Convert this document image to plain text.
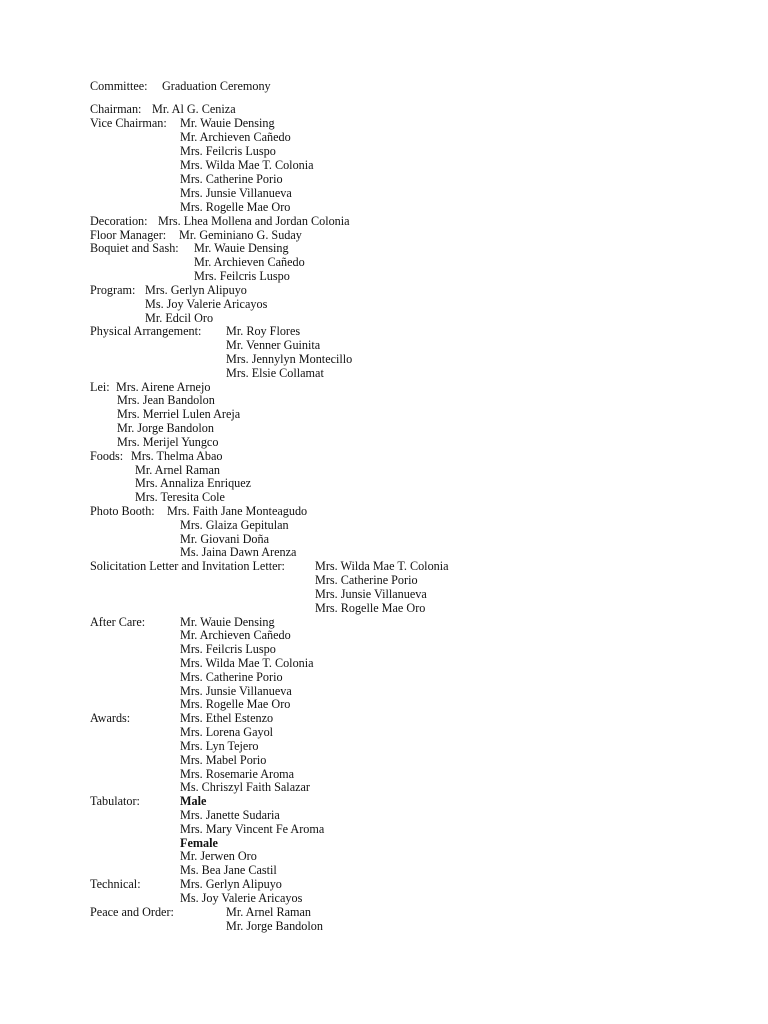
Committee: Graduation Ceremony
Chairman: Mr. Al G. Ceniza
Vice Chairman: Mr. Wauie Densing
Mr. Archieven Cañedo
Mrs. Feilcris Luspo
Mrs. Wilda Mae T. Colonia
Mrs. Catherine Porio
Mrs. Junsie Villanueva
Mrs. Rogelle Mae Oro
Decoration: Mrs. Lhea Mollena and Jordan Colonia
Floor Manager: Mr. Geminiano G. Suday
Boquiet and Sash: Mr. Wauie Densing
Mr. Archieven Cañedo
Mrs. Feilcris Luspo
Program: Mrs. Gerlyn Alipuyo
Ms. Joy Valerie Aricayos
Mr. Edcil Oro
Physical Arrangement: Mr. Roy Flores
Mr. Venner Guinita
Mrs. Jennylyn Montecillo
Mrs. Elsie Collamat
Lei: Mrs. Airene Arnejo
Mrs. Jean Bandolon
Mrs. Merriel Lulen Areja
Mr. Jorge Bandolon
Mrs. Merijel Yungco
Foods: Mrs. Thelma Abao
Mr. Arnel Raman
Mrs. Annaliza Enriquez
Mrs. Teresita Cole
Photo Booth: Mrs. Faith Jane Monteagudo
Mrs. Glaiza Gepitulan
Mr. Giovani Doña
Ms. Jaina Dawn Arenza
Solicitation Letter and Invitation Letter: Mrs. Wilda Mae T. Colonia
Mrs. Catherine Porio
Mrs. Junsie Villanueva
Mrs. Rogelle Mae Oro
After Care:	Mr. Wauie Densing
Mr. Archieven Cañedo
Mrs. Feilcris Luspo
Mrs. Wilda Mae T. Colonia
Mrs. Catherine Porio
Mrs. Junsie Villanueva
Mrs. Rogelle Mae Oro
Awards:	Mrs. Ethel Estenzo
Mrs. Lorena Gayol
Mrs. Lyn Tejero
Mrs. Mabel Porio
Mrs. Rosemarie Aroma
Ms. Chriszyl Faith Salazar
Tabulator:	Male
Mrs. Janette Sudaria
Mrs. Mary Vincent Fe Aroma
Female
Mr. Jerwen Oro
Ms. Bea Jane Castil
Technical:	Mrs. Gerlyn Alipuyo
Ms. Joy Valerie Aricayos
Peace and Order:	Mr. Arnel Raman
Mr. Jorge Bandolon
